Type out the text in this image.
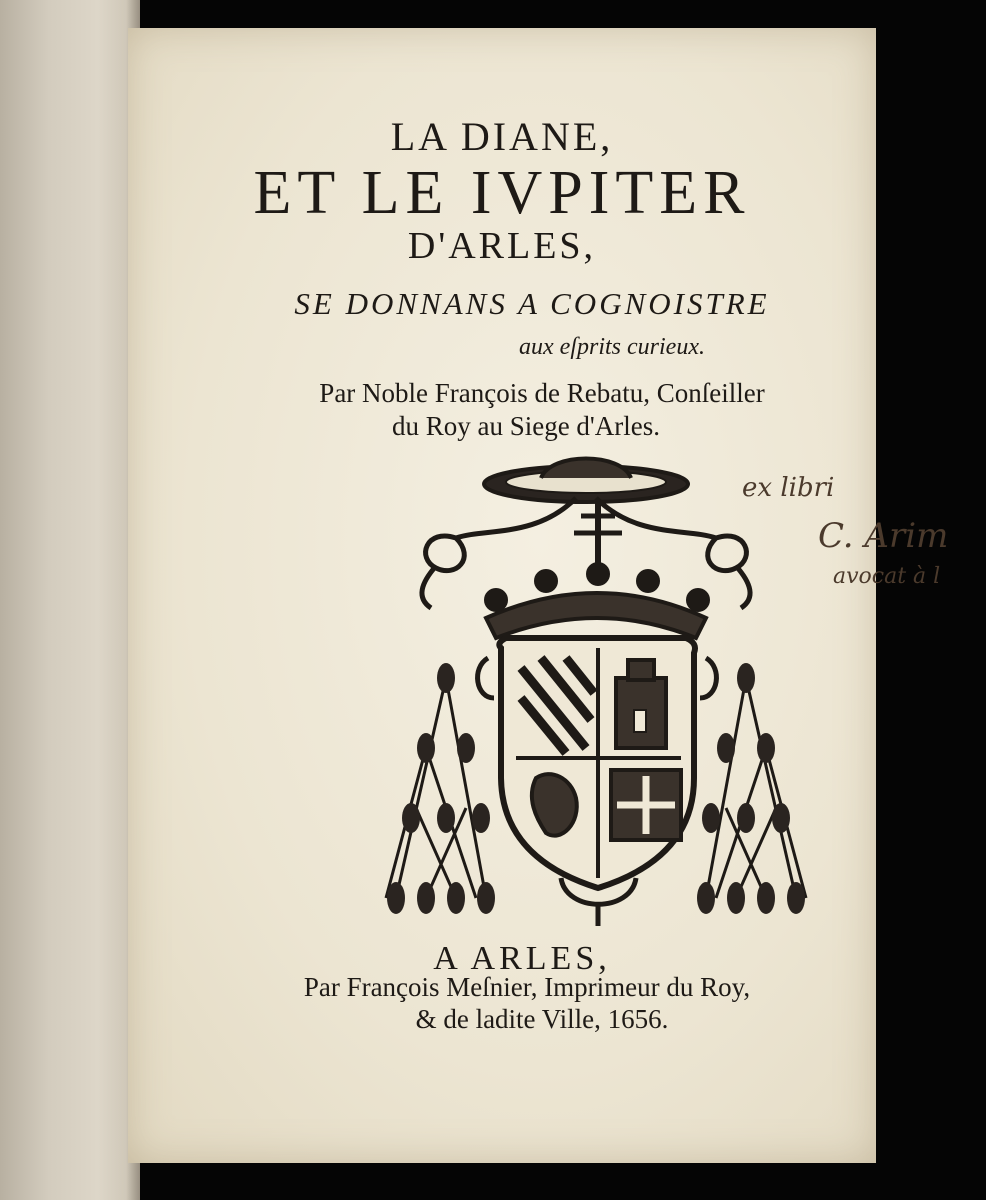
LA DIANE,

ET LE IVPITER

D'ARLES,

SE DONNANS A COGNOISTRE

aux eſprits curieux.

Par Noble François de Rebatu, Conſeiller

du Roy au Siege d'Arles.

ex libri

C. Arim

avocat à l

A ARLES,

Par François Meſnier, Imprimeur du Roy,

& de ladite Ville, 1656.
